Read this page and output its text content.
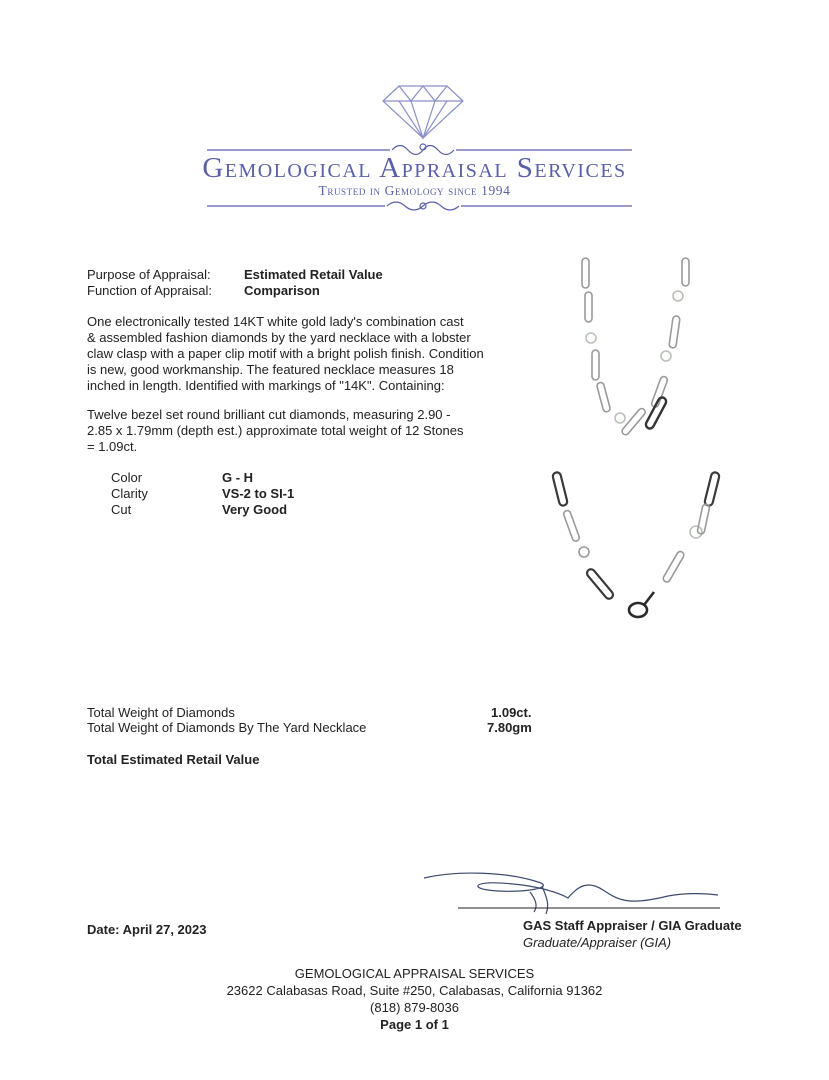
Gemological Appraisal Services
Trusted in Gemology since 1994
Purpose of Appraisal:	Estimated Retail Value
Function of Appraisal: Comparison
One electronically tested 14KT white gold lady's combination cast
& assembled fashion diamonds by the yard necklace with a lobster
claw clasp with a paper clip motif with a bright polish finish. Condition
is new, good workmanship. The featured necklace measures 18
inched in length. Identified with markings of "14K". Containing:
Twelve bezel set round brilliant cut diamonds, measuring 2.90 -
2.85 x 1.79mm (depth est.) approximate total weight of 12 Stones
= 1.09ct.
Color	G - H
Clarity	VS-2 to SI-1
Cut	Very Good
Total Weight of Diamonds	1.09ct.
Total Weight of Diamonds By The Yard Necklace	7.80gm
Total Estimated Retail Value
Date: April 27, 2023	GAS Staff Appraiser / GIA Graduate
Graduate/Appraiser (GIA)
GEMOLOGICAL APPRAISAL SERVICES
23622 Calabasas Road, Suite #250, Calabasas, California 91362
(818) 879-8036
Page 1 of 1
